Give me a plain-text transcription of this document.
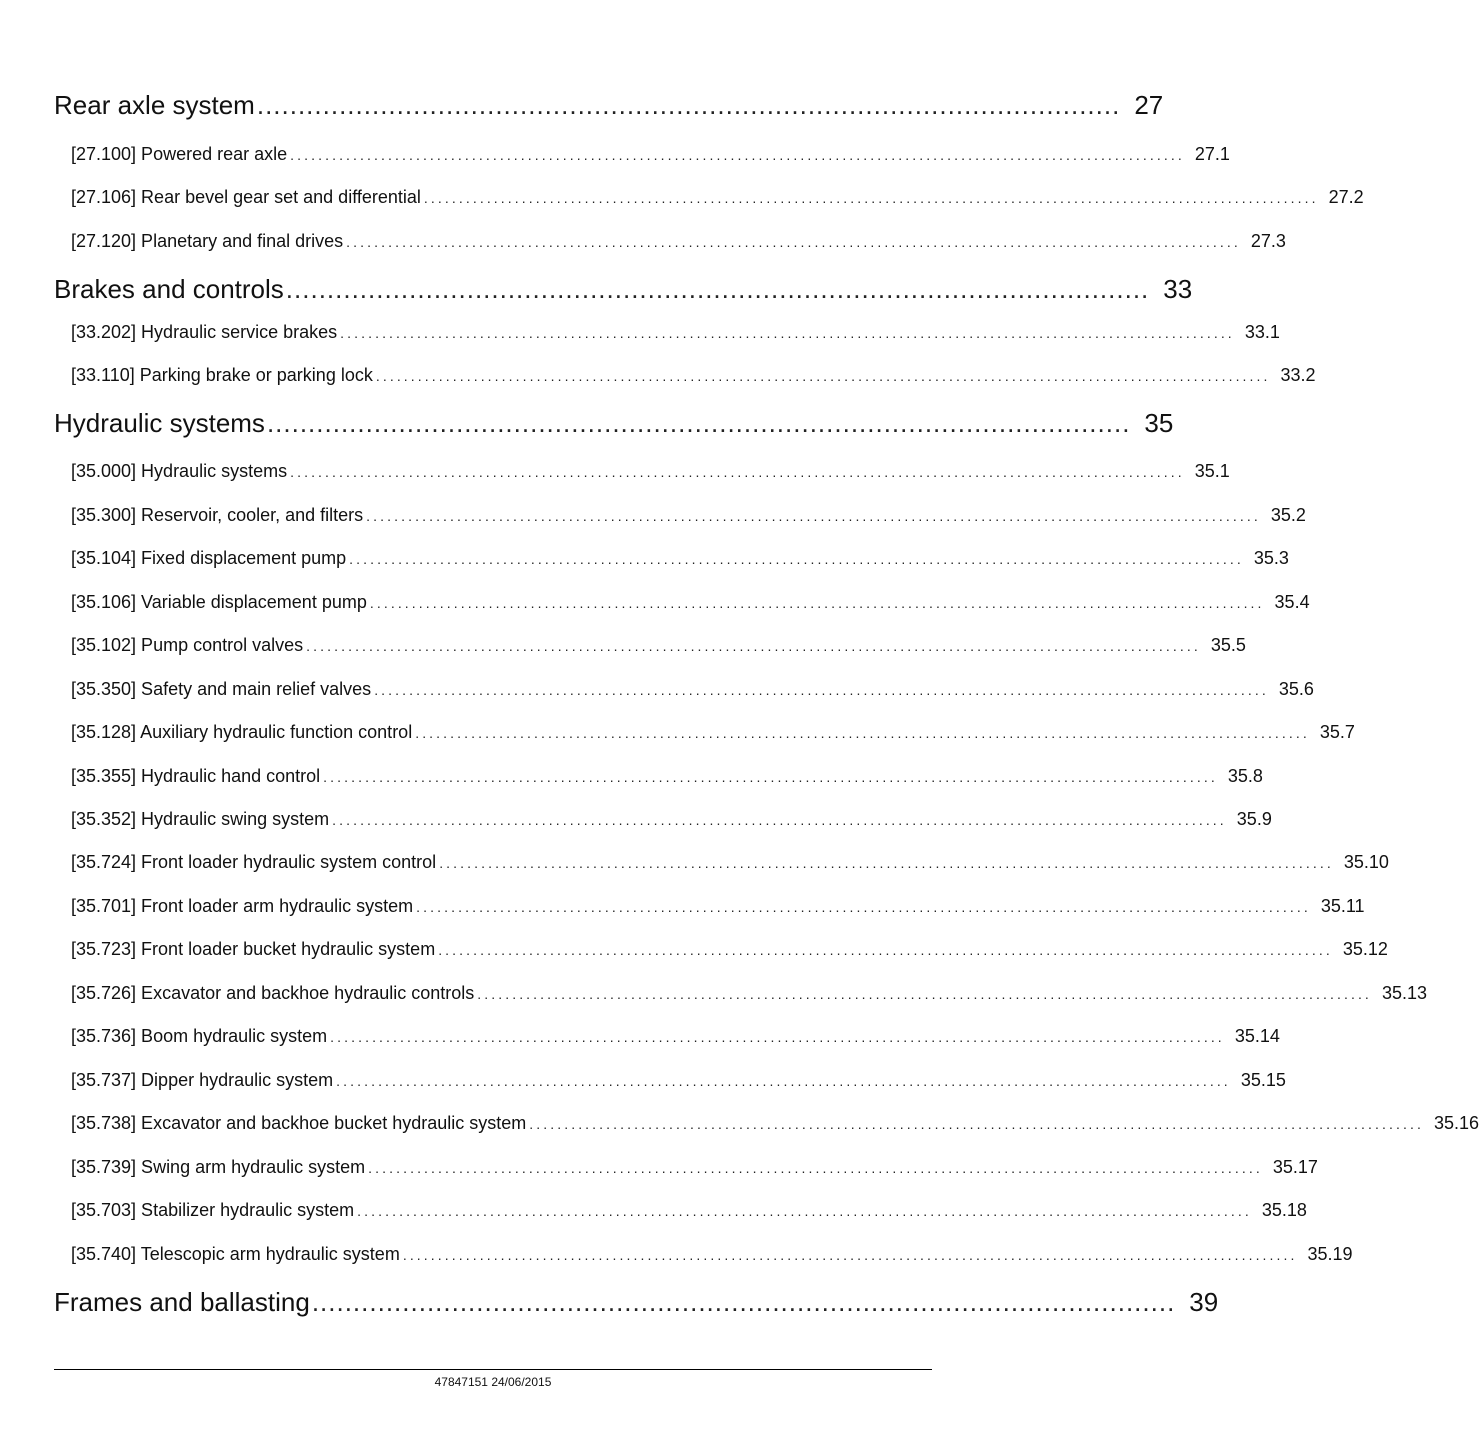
Rear axle system ......................................................................................................... 27
[27.100] Powered rear axle ................................................................................................................................ 27.1
[27.106] Rear bevel gear set and differential ................................................................................................................................ 27.2
[27.120] Planetary and final drives ................................................................................................................................ 27.3
Brakes and controls ......................................................................................................... 33
[33.202] Hydraulic service brakes ................................................................................................................................ 33.1
[33.110] Parking brake or parking lock ................................................................................................................................ 33.2
Hydraulic systems ......................................................................................................... 35
[35.000] Hydraulic systems ................................................................................................................................ 35.1
[35.300] Reservoir, cooler, and filters ................................................................................................................................ 35.2
[35.104] Fixed displacement pump ................................................................................................................................ 35.3
[35.106] Variable displacement pump ................................................................................................................................ 35.4
[35.102] Pump control valves ................................................................................................................................ 35.5
[35.350] Safety and main relief valves ................................................................................................................................ 35.6
[35.128] Auxiliary hydraulic function control ................................................................................................................................ 35.7
[35.355] Hydraulic hand control ................................................................................................................................ 35.8
[35.352] Hydraulic swing system ................................................................................................................................ 35.9
[35.724] Front loader hydraulic system control ................................................................................................................................ 35.10
[35.701] Front loader arm hydraulic system ................................................................................................................................ 35.11
[35.723] Front loader bucket hydraulic system ................................................................................................................................ 35.12
[35.726] Excavator and backhoe hydraulic controls ................................................................................................................................ 35.13
[35.736] Boom hydraulic system ................................................................................................................................ 35.14
[35.737] Dipper hydraulic system ................................................................................................................................ 35.15
[35.738] Excavator and backhoe bucket hydraulic system ................................................................................................................................ 35.16
[35.739] Swing arm hydraulic system ................................................................................................................................ 35.17
[35.703] Stabilizer hydraulic system ................................................................................................................................ 35.18
[35.740] Telescopic arm hydraulic system ................................................................................................................................ 35.19
Frames and ballasting ......................................................................................................... 39
47847151 24/06/2015
